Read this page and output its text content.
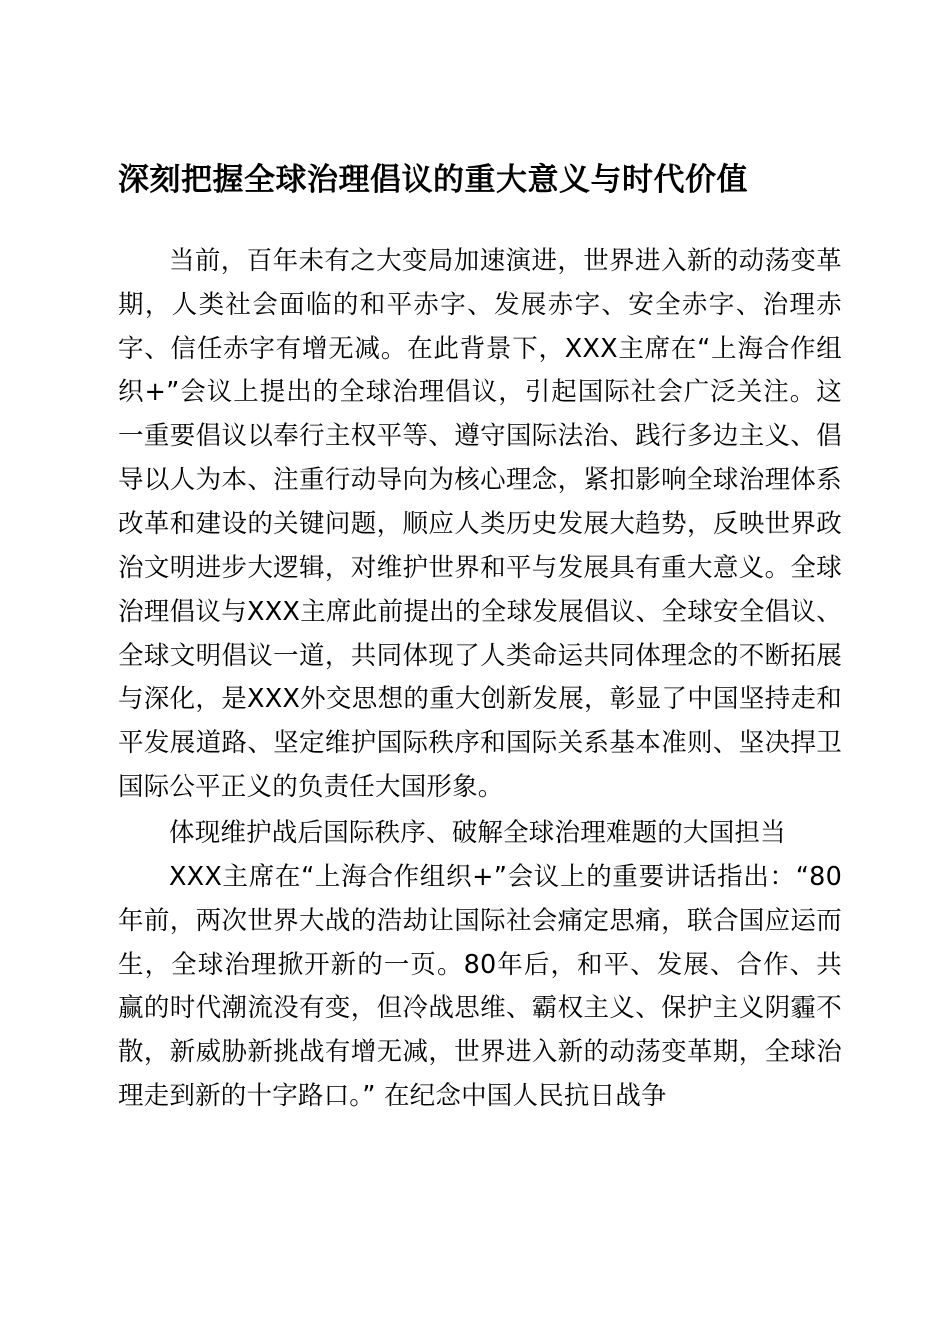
深刻把握全球治理倡议的重大意义与时代价值

当前，百年未有之大变局加速演进，世界进入新的动荡变革期，人类社会面临的和平赤字、发展赤字、安全赤字、治理赤字、信任赤字有增无减。在此背景下，XXX主席在“上海合作组织+”会议上提出的全球治理倡议，引起国际社会广泛关注。这一重要倡议以奉行主权平等、遵守国际法治、践行多边主义、倡导以人为本、注重行动导向为核心理念，紧扣影响全球治理体系改革和建设的关键问题，顺应人类历史发展大趋势，反映世界政治文明进步大逻辑，对维护世界和平与发展具有重大意义。全球治理倡议与XXX主席此前提出的全球发展倡议、全球安全倡议、全球文明倡议一道，共同体现了人类命运共同体理念的不断拓展与深化，是XXX外交思想的重大创新发展，彰显了中国坚持走和平发展道路、坚定维护国际秩序和国际关系基本准则、坚决捍卫国际公平正义的负责任大国形象。

体现维护战后国际秩序、破解全球治理难题的大国担当

XXX主席在“上海合作组织+”会议上的重要讲话指出：“80年前，两次世界大战的浩劫让国际社会痛定思痛，联合国应运而生，全球治理掀开新的一页。80年后，和平、发展、合作、共赢的时代潮流没有变，但冷战思维、霸权主义、保护主义阴霾不散，新威胁新挑战有增无减，世界进入新的动荡变革期，全球治理走到新的十字路口。” 在纪念中国人民抗日战争
